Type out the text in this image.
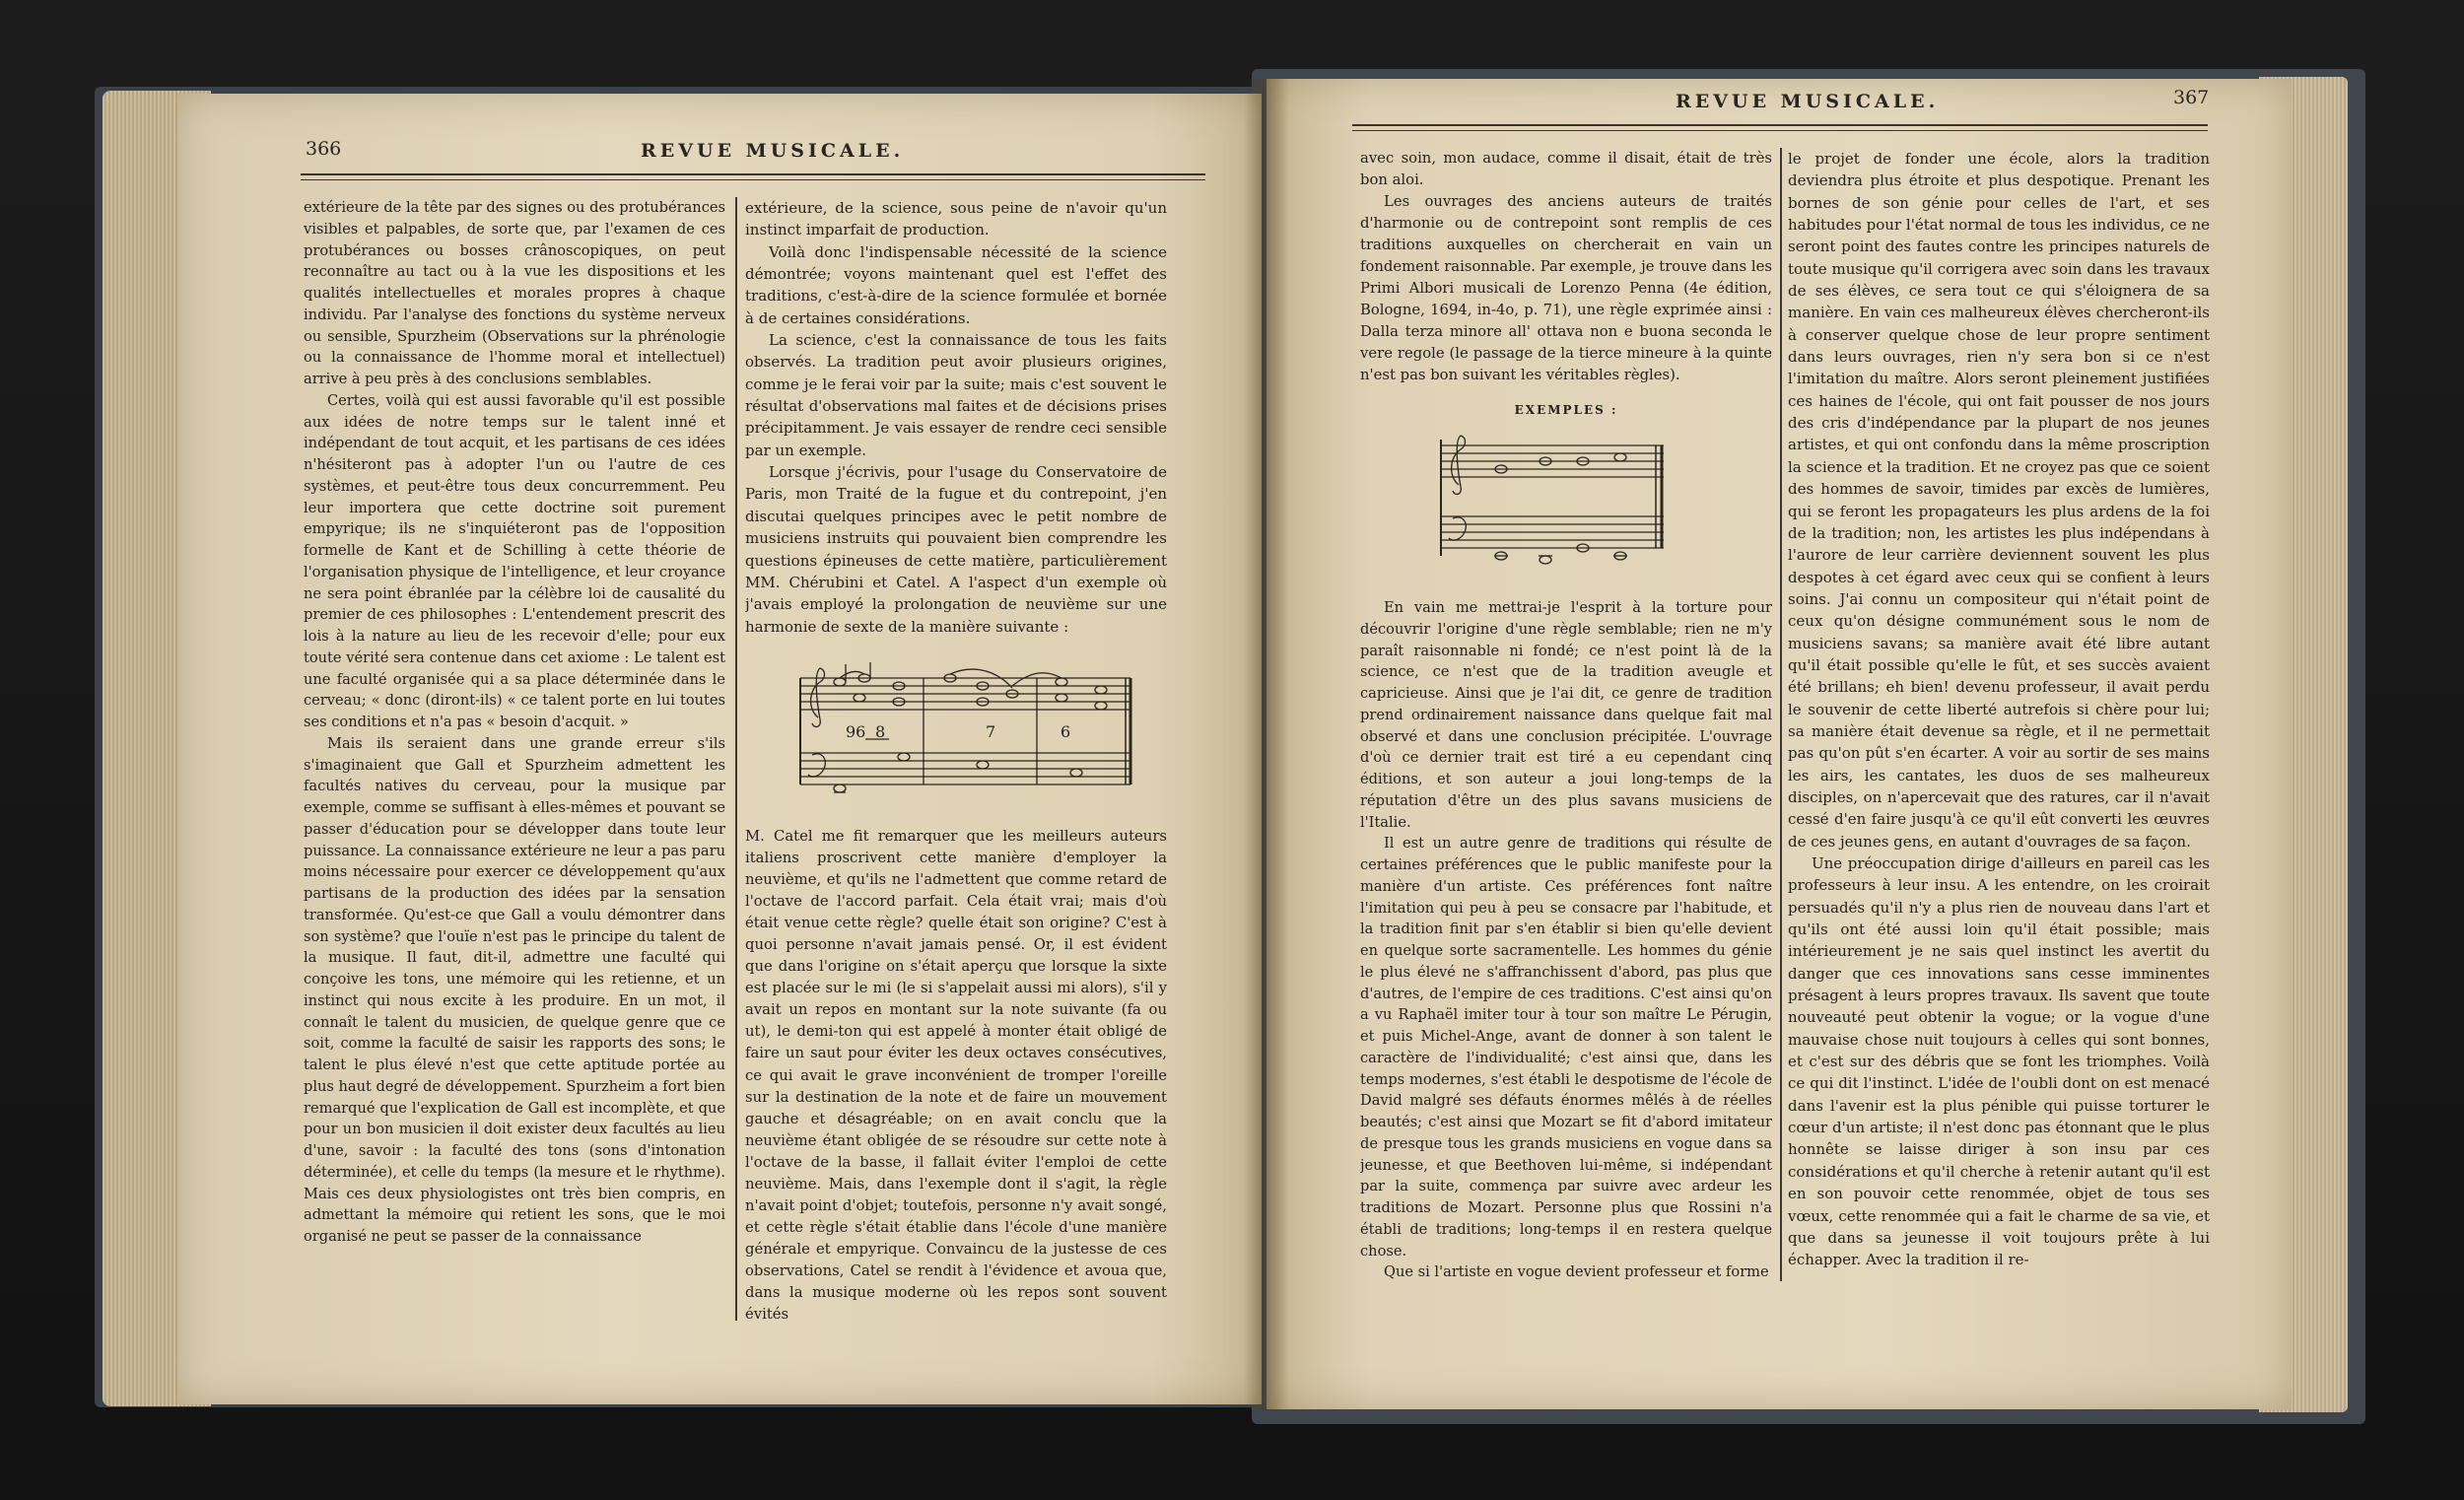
366	REVUE MUSICALE.

extérieure de la tête par des signes ou des protubérances visibles et palpables, de sorte que, par l'examen de ces protubérances ou bosses crânoscopiques, on peut reconnaître au tact ou à la vue les dispositions et les qualités intellectuelles et morales propres à chaque individu. Par l'analyse des fonctions du système nerveux ou sensible, Spurzheim (Observations sur la phrénologie ou la connaissance de l'homme moral et intellectuel) arrive à peu près à des conclusions semblables.

Certes, voilà qui est aussi favorable qu'il est possible aux idées de notre temps sur le talent inné et indépendant de tout acquit, et les partisans de ces idées n'hésiteront pas à adopter l'un ou l'autre de ces systèmes, et peut-être tous deux concurremment. Peu leur importera que cette doctrine soit purement empyrique; ils ne s'inquiéteront pas de l'opposition formelle de Kant et de Schilling à cette théorie de l'organisation physique de l'intelligence, et leur croyance ne sera point ébranlée par la célèbre loi de causalité du premier de ces philosophes : L'entendement prescrit des lois à la nature au lieu de les recevoir d'elle; pour eux toute vérité sera contenue dans cet axiome : Le talent est une faculté organisée qui a sa place déterminée dans le cerveau; « donc (diront-ils) « ce talent porte en lui toutes ses conditions et n'a pas « besoin d'acquit. »

Mais ils seraient dans une grande erreur s'ils s'imaginaient que Gall et Spurzheim admettent les facultés natives du cerveau, pour la musique par exemple, comme se suffisant à elles-mêmes et pouvant se passer d'éducation pour se développer dans toute leur puissance. La connaissance extérieure ne leur a pas paru moins nécessaire pour exercer ce développement qu'aux partisans de la production des idées par la sensation transformée. Qu'est-ce que Gall a voulu démontrer dans son système? que l'ouïe n'est pas le principe du talent de la musique. Il faut, dit-il, admettre une faculté qui conçoive les tons, une mémoire qui les retienne, et un instinct qui nous excite à les produire. En un mot, il connaît le talent du musicien, de quelque genre que ce soit, comme la faculté de saisir les rapports des sons; le talent le plus élevé n'est que cette aptitude portée au plus haut degré de développement. Spurzheim a fort bien remarqué que l'explication de Gall est incomplète, et que pour un bon musicien il doit exister deux facultés au lieu d'une, savoir : la faculté des tons (sons d'intonation déterminée), et celle du temps (la mesure et le rhythme). Mais ces deux physiologistes ont très bien compris, en admettant la mémoire qui retient les sons, que le moi organisé ne peut se passer de la connaissance

extérieure, de la science, sous peine de n'avoir qu'un instinct imparfait de production.

Voilà donc l'indispensable nécessité de la science démontrée; voyons maintenant quel est l'effet des traditions, c'est-à-dire de la science formulée et bornée à de certaines considérations.

La science, c'est la connaissance de tous les faits observés. La tradition peut avoir plusieurs origines, comme je le ferai voir par la suite; mais c'est souvent le résultat d'observations mal faites et de décisions prises précipitamment. Je vais essayer de rendre ceci sensible par un exemple.

Lorsque j'écrivis, pour l'usage du Conservatoire de Paris, mon Traité de la fugue et du contrepoint, j'en discutai quelques principes avec le petit nombre de musiciens instruits qui pouvaient bien comprendre les questions épineuses de cette matière, particulièrement MM. Chérubini et Catel. A l'aspect d'un exemple où j'avais employé la prolongation de neuvième sur une harmonie de sexte de la manière suivante :

96 8	7	6

M. Catel me fit remarquer que les meilleurs auteurs italiens proscrivent cette manière d'employer la neuvième, et qu'ils ne l'admettent que comme retard de l'octave de l'accord parfait. Cela était vrai; mais d'où était venue cette règle? quelle était son origine? C'est à quoi personne n'avait jamais pensé. Or, il est évident que dans l'origine on s'était aperçu que lorsque la sixte est placée sur le mi (le si s'appelait aussi mi alors), s'il y avait un repos en montant sur la note suivante (fa ou ut), le demi-ton qui est appelé à monter était obligé de faire un saut pour éviter les deux octaves consécutives, ce qui avait le grave inconvénient de tromper l'oreille sur la destination de la note et de faire un mouvement gauche et désagréable; on en avait conclu que la neuvième étant obligée de se résoudre sur cette note à l'octave de la basse, il fallait éviter l'emploi de cette neuvième. Mais, dans l'exemple dont il s'agit, la règle n'avait point d'objet; toutefois, personne n'y avait songé, et cette règle s'était établie dans l'école d'une manière générale et empyrique. Convaincu de la justesse de ces observations, Catel se rendit à l'évidence et avoua que, dans la musique moderne où les repos sont souvent évités

REVUE MUSICALE.	367

avec soin, mon audace, comme il disait, était de très bon aloi.

Les ouvrages des anciens auteurs de traités d'harmonie ou de contrepoint sont remplis de ces traditions auxquelles on chercherait en vain un fondement raisonnable. Par exemple, je trouve dans les Primi Albori musicali de Lorenzo Penna (4e édition, Bologne, 1694, in-4o, p. 71), une règle exprimée ainsi : Dalla terza minore all' ottava non e buona seconda le vere regole (le passage de la tierce mineure à la quinte n'est pas bon suivant les véritables règles).

EXEMPLES :

En vain me mettrai-je l'esprit à la torture pour découvrir l'origine d'une règle semblable; rien ne m'y paraît raisonnable ni fondé; ce n'est point là de la science, ce n'est que de la tradition aveugle et capricieuse. Ainsi que je l'ai dit, ce genre de tradition prend ordinairement naissance dans quelque fait mal observé et dans une conclusion précipitée. L'ouvrage d'où ce dernier trait est tiré a eu cependant cinq éditions, et son auteur a joui long-temps de la réputation d'être un des plus savans musiciens de l'Italie.

Il est un autre genre de traditions qui résulte de certaines préférences que le public manifeste pour la manière d'un artiste. Ces préférences font naître l'imitation qui peu à peu se consacre par l'habitude, et la tradition finit par s'en établir si bien qu'elle devient en quelque sorte sacramentelle. Les hommes du génie le plus élevé ne s'affranchissent d'abord, pas plus que d'autres, de l'empire de ces traditions. C'est ainsi qu'on a vu Raphaël imiter tour à tour son maître Le Pérugin, et puis Michel-Ange, avant de donner à son talent le caractère de l'individualité; c'est ainsi que, dans les temps modernes, s'est établi le despotisme de l'école de David malgré ses défauts énormes mêlés à de réelles beautés; c'est ainsi que Mozart se fit d'abord imitateur de presque tous les grands musiciens en vogue dans sa jeunesse, et que Beethoven lui-même, si indépendant par la suite, commença par suivre avec ardeur les traditions de Mozart. Personne plus que Rossini n'a établi de traditions; long-temps il en restera quelque chose.

Que si l'artiste en vogue devient professeur et forme

le projet de fonder une école, alors la tradition deviendra plus étroite et plus despotique. Prenant les bornes de son génie pour celles de l'art, et ses habitudes pour l'état normal de tous les individus, ce ne seront point des fautes contre les principes naturels de toute musique qu'il corrigera avec soin dans les travaux de ses élèves, ce sera tout ce qui s'éloignera de sa manière. En vain ces malheureux élèves chercheront-ils à conserver quelque chose de leur propre sentiment dans leurs ouvrages, rien n'y sera bon si ce n'est l'imitation du maître. Alors seront pleinement justifiées ces haines de l'école, qui ont fait pousser de nos jours des cris d'indépendance par la plupart de nos jeunes artistes, et qui ont confondu dans la même proscription la science et la tradition. Et ne croyez pas que ce soient des hommes de savoir, timides par excès de lumières, qui se feront les propagateurs les plus ardens de la foi de la tradition; non, les artistes les plus indépendans à l'aurore de leur carrière deviennent souvent les plus despotes à cet égard avec ceux qui se confient à leurs soins. J'ai connu un compositeur qui n'était point de ceux qu'on désigne communément sous le nom de musiciens savans; sa manière avait été libre autant qu'il était possible qu'elle le fût, et ses succès avaient été brillans; eh bien! devenu professeur, il avait perdu le souvenir de cette liberté autrefois si chère pour lui; sa manière était devenue sa règle, et il ne permettait pas qu'on pût s'en écarter. A voir au sortir de ses mains les airs, les cantates, les duos de ses malheureux disciples, on n'apercevait que des ratures, car il n'avait cessé d'en faire jusqu'à ce qu'il eût converti les œuvres de ces jeunes gens, en autant d'ouvrages de sa façon.

Une préoccupation dirige d'ailleurs en pareil cas les professeurs à leur insu. A les entendre, on les croirait persuadés qu'il n'y a plus rien de nouveau dans l'art et qu'ils ont été aussi loin qu'il était possible; mais intérieurement je ne sais quel instinct les avertit du danger que ces innovations sans cesse imminentes présagent à leurs propres travaux. Ils savent que toute nouveauté peut obtenir la vogue; or la vogue d'une mauvaise chose nuit toujours à celles qui sont bonnes, et c'est sur des débris que se font les triomphes. Voilà ce qui dit l'instinct. L'idée de l'oubli dont on est menacé dans l'avenir est la plus pénible qui puisse torturer le cœur d'un artiste; il n'est donc pas étonnant que le plus honnête se laisse diriger à son insu par ces considérations et qu'il cherche à retenir autant qu'il est en son pouvoir cette renommée, objet de tous ses vœux, cette renommée qui a fait le charme de sa vie, et que dans sa jeunesse il voit toujours prête à lui échapper. Avec la tradition il re-
